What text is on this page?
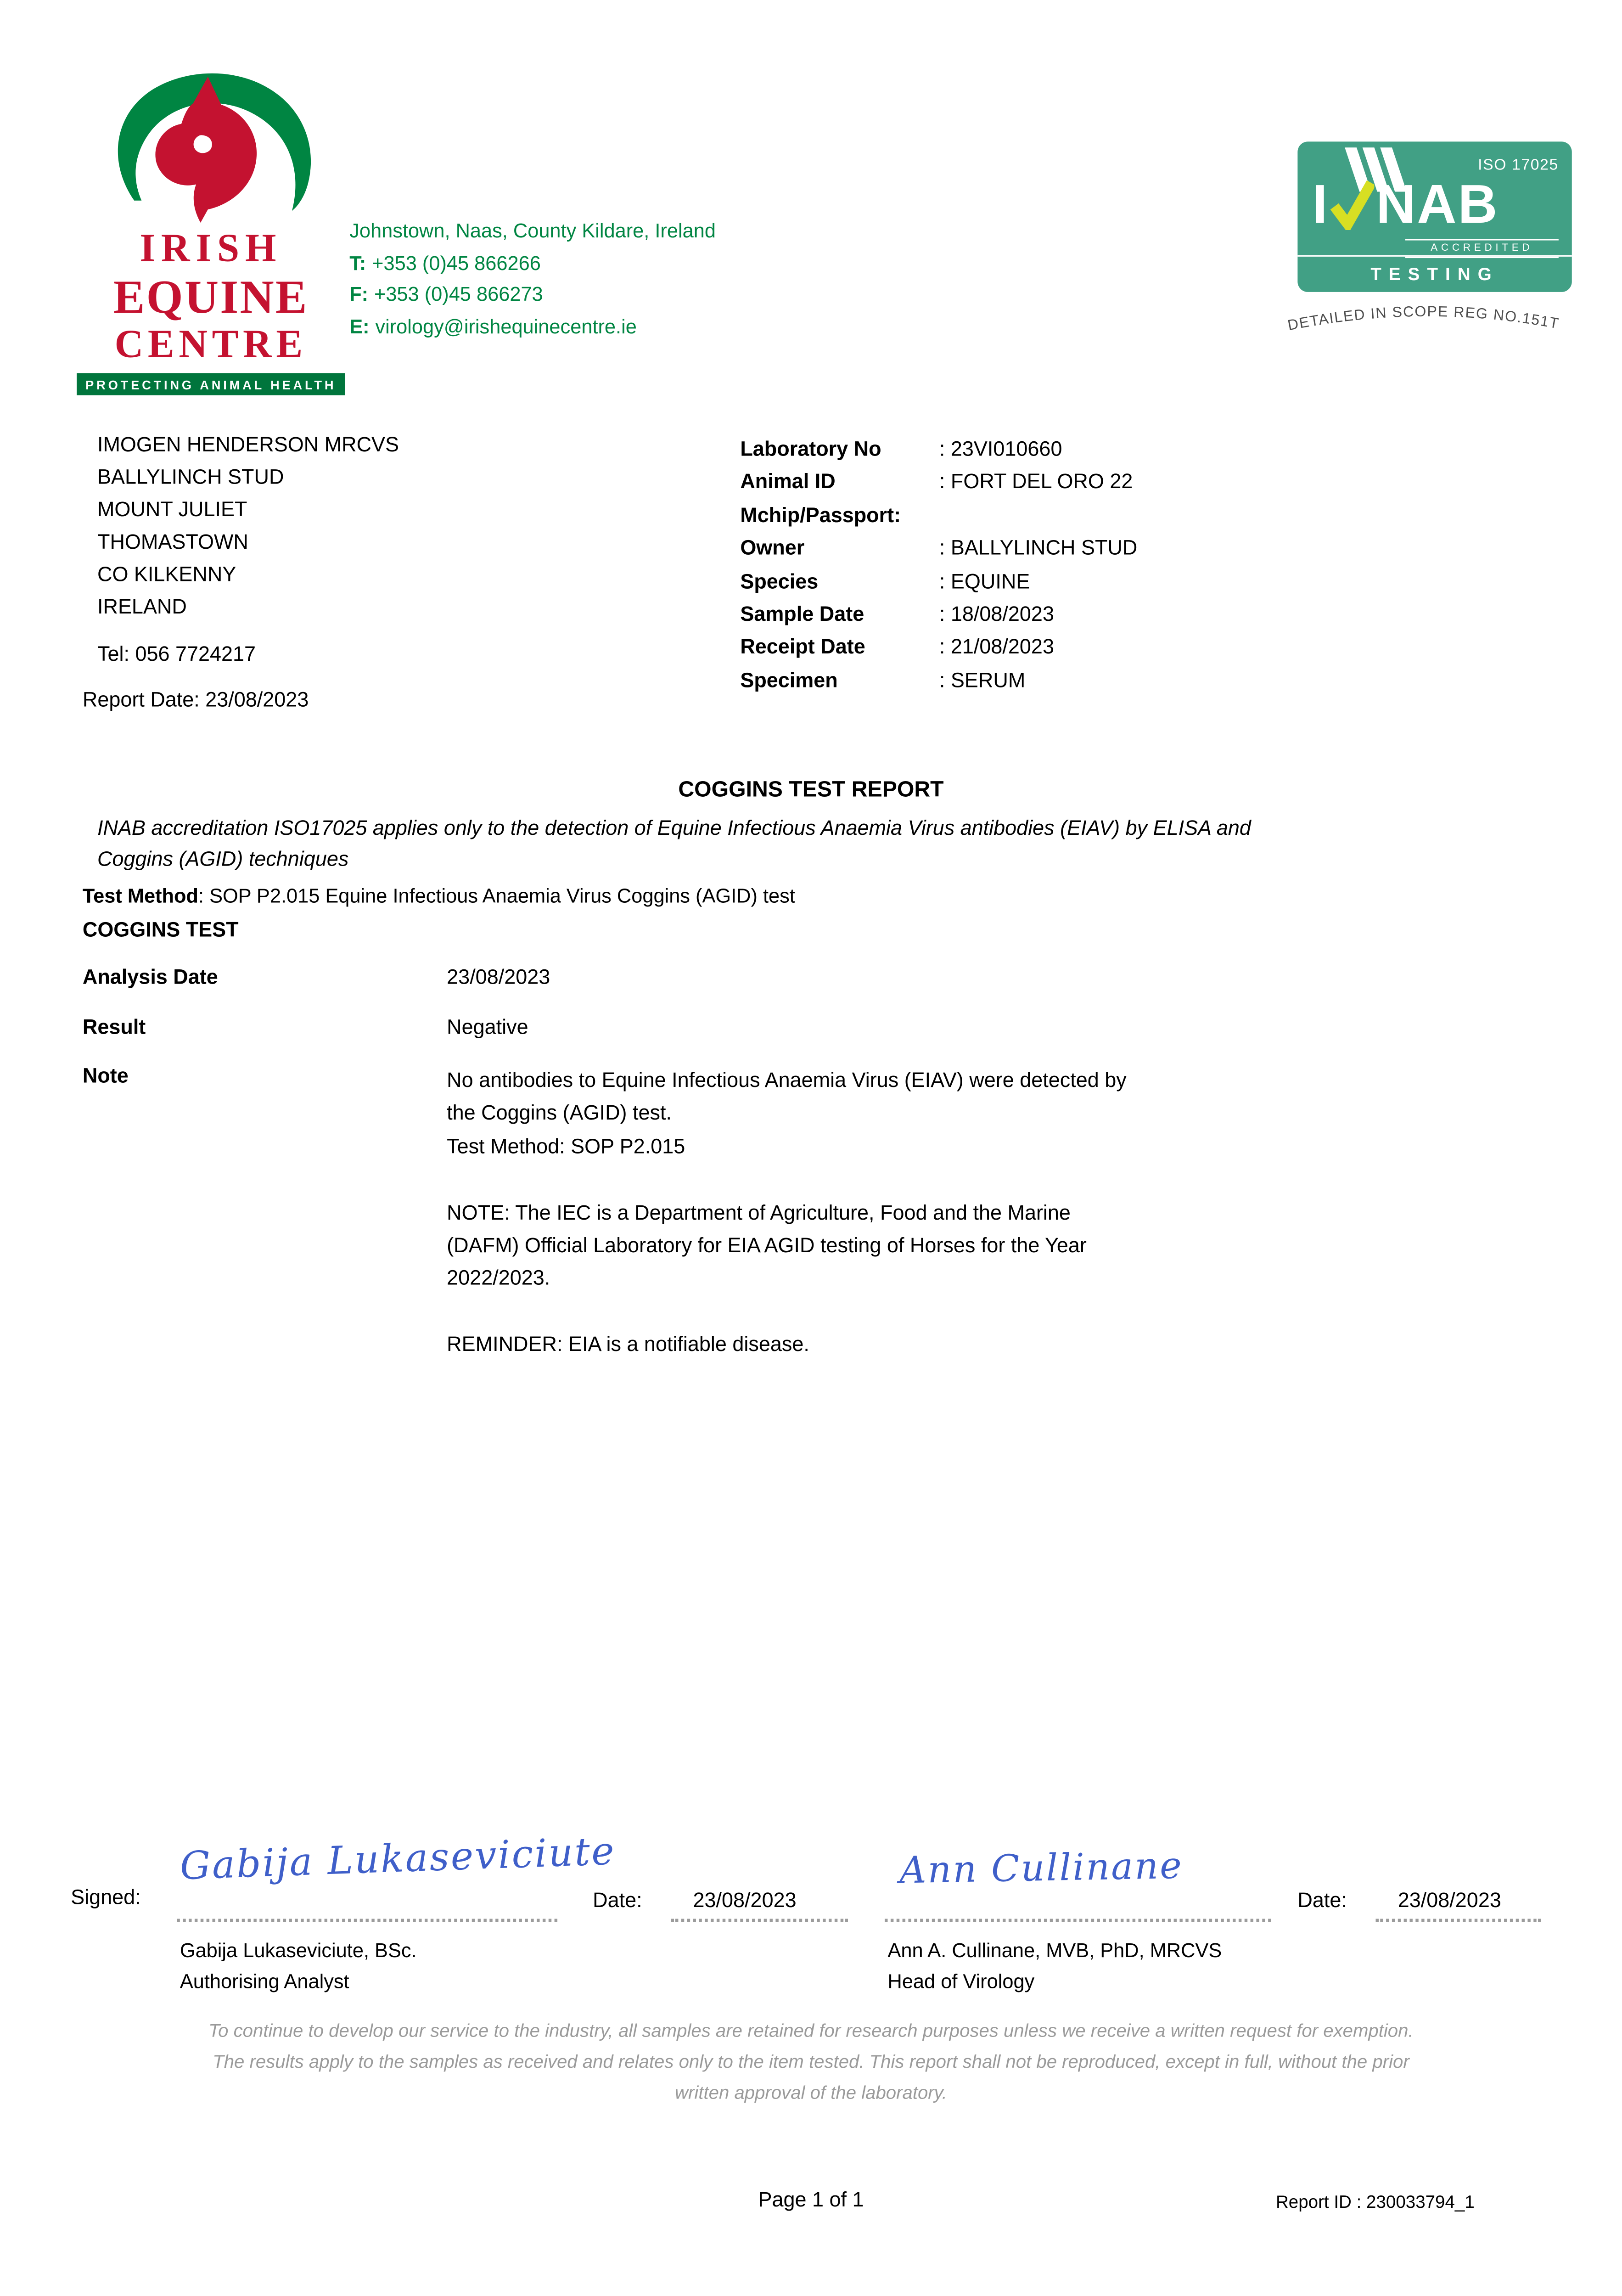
IRISH
EQUINE
CENTRE
PROTECTING ANIMAL HEALTH
Johnstown, Naas, County Kildare, Ireland
T: +353 (0)45 866266
F: +353 (0)45 866273
E: virology@irishequinecentre.ie
ISO 17025
I	NAB
ACCREDITED
TESTING
DETAILED IN SCOPE REG NO.151T
IMOGEN HENDERSON MRCVS
BALLYLINCH STUD
MOUNT JULIET
THOMASTOWN
CO KILKENNY
IRELAND
Tel: 056 7724217
Report Date: 23/08/2023
Laboratory No	: 23VI010660
Animal ID	: FORT DEL ORO 22
Mchip/Passport:
Owner	: BALLYLINCH STUD
Species	: EQUINE
Sample Date	: 18/08/2023
Receipt Date	: 21/08/2023
Specimen	: SERUM
COGGINS TEST REPORT
INAB accreditation ISO17025 applies only to the detection of Equine Infectious Anaemia Virus antibodies (EIAV) by ELISA and
Coggins (AGID) techniques
Test Method: SOP P2.015 Equine Infectious Anaemia Virus Coggins (AGID) test
COGGINS TEST
Analysis Date	23/08/2023
Result	Negative
Note	No antibodies to Equine Infectious Anaemia Virus (EIAV) were detected by
the Coggins (AGID) test.
Test Method: SOP P2.015
NOTE: The IEC is a Department of Agriculture, Food and the Marine
(DAFM) Official Laboratory for EIA AGID testing of Horses for the Year
2022/2023.
REMINDER: EIA is a notifiable disease.
Signed:
Gabija Lukaseviciute
Date:	23/08/2023
Gabija Lukaseviciute, BSc.
Authorising Analyst
Ann Cullinane
Date:	23/08/2023
Ann A. Cullinane, MVB, PhD, MRCVS
Head of Virology
To continue to develop our service to the industry, all samples are retained for research purposes unless we receive a written request for exemption.
The results apply to the samples as received and relates only to the item tested. This report shall not be reproduced, except in full, without the prior
written approval of the laboratory.
Page 1 of 1	Report ID : 230033794_1
